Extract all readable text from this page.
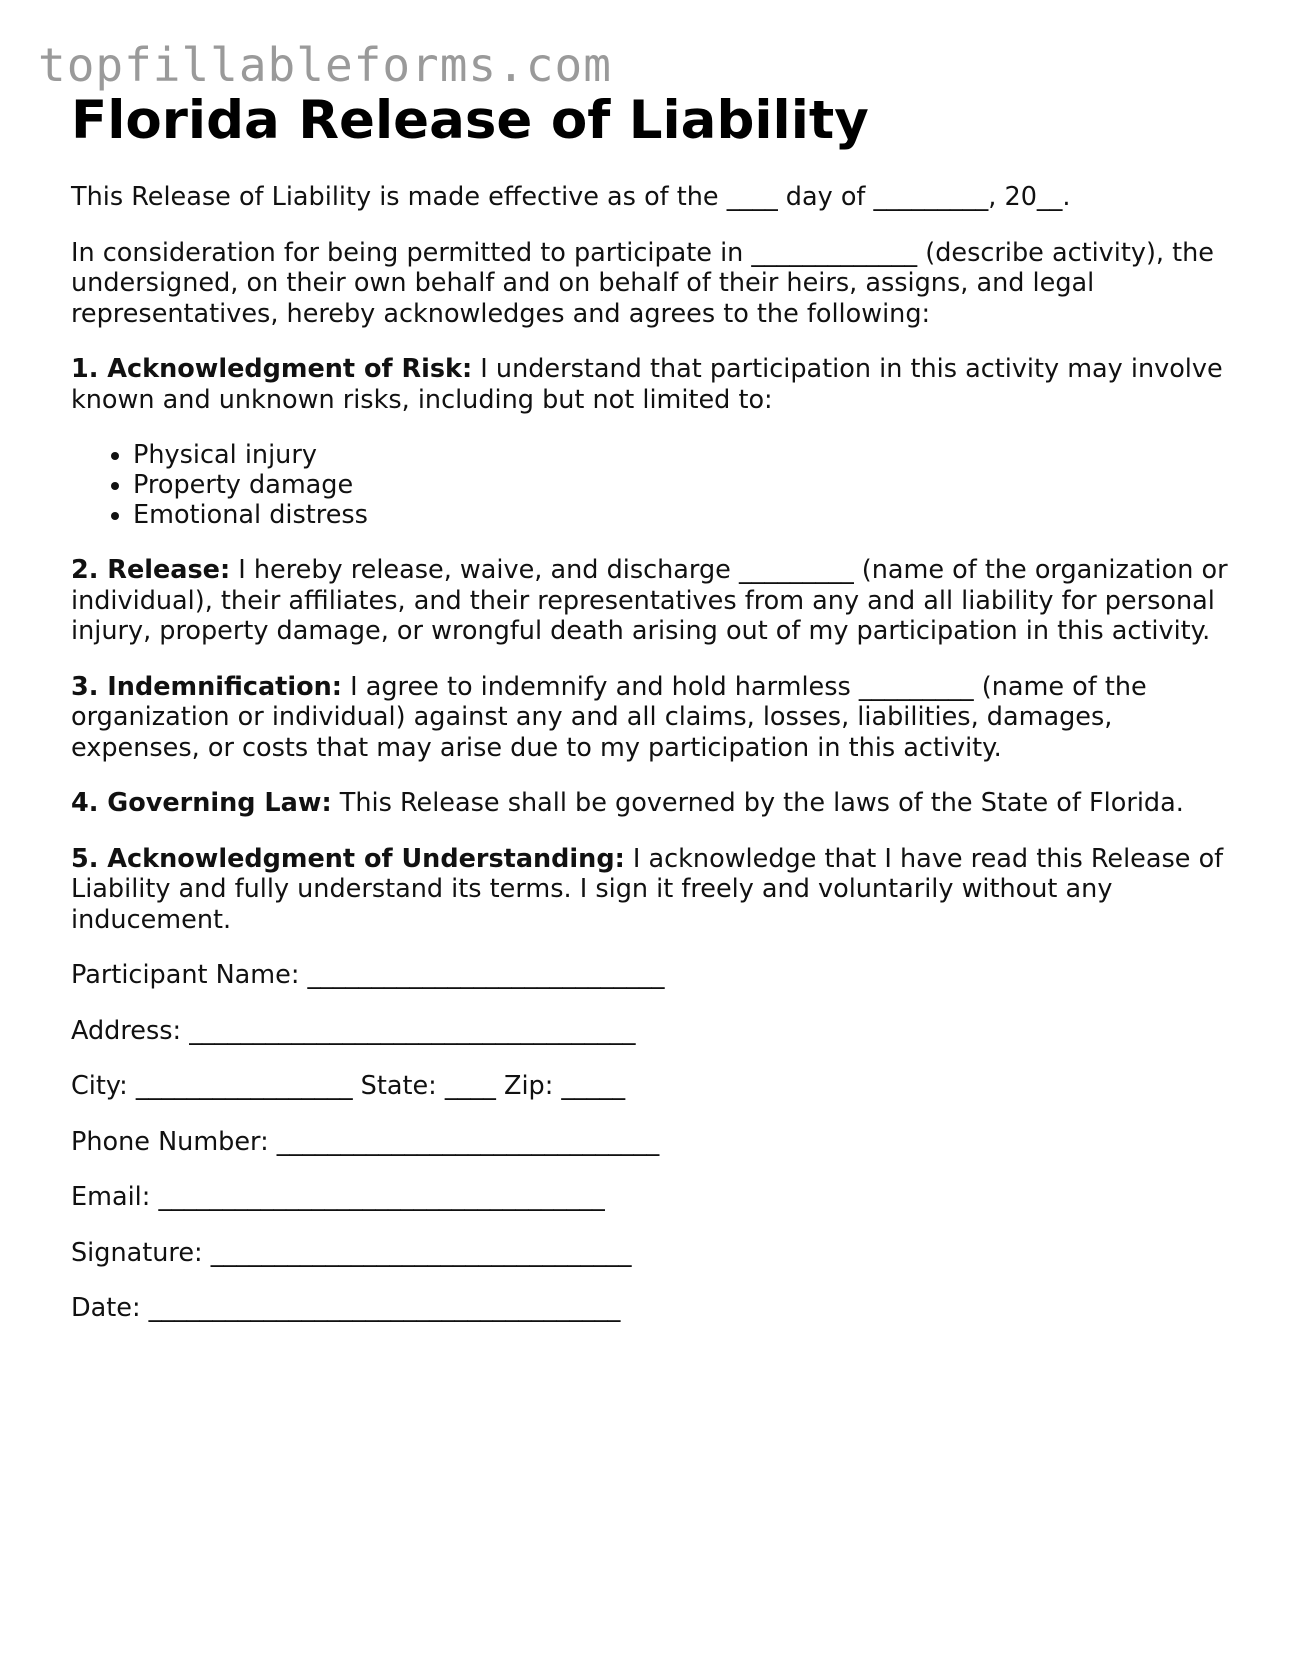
topfillableforms.com
Florida Release of Liability

This Release of Liability is made effective as of the ____ day of _________, 20__.

In consideration for being permitted to participate in _____________ (describe activity), the undersigned, on their own behalf and on behalf of their heirs, assigns, and legal representatives, hereby acknowledges and agrees to the following:

1. Acknowledgment of Risk: I understand that participation in this activity may involve known and unknown risks, including but not limited to:

• Physical injury
• Property damage
• Emotional distress

2. Release: I hereby release, waive, and discharge _________ (name of the organization or individual), their affiliates, and their representatives from any and all liability for personal injury, property damage, or wrongful death arising out of my participation in this activity.

3. Indemnification: I agree to indemnify and hold harmless _________ (name of the organization or individual) against any and all claims, losses, liabilities, damages, expenses, or costs that may arise due to my participation in this activity.

4. Governing Law: This Release shall be governed by the laws of the State of Florida.

5. Acknowledgment of Understanding: I acknowledge that I have read this Release of Liability and fully understand its terms. I sign it freely and voluntarily without any inducement.

Participant Name: ____________________________

Address: ___________________________________

City: _________________ State: ____ Zip: _____

Phone Number: ______________________________

Email: ___________________________________

Signature: _________________________________

Date: _____________________________________
